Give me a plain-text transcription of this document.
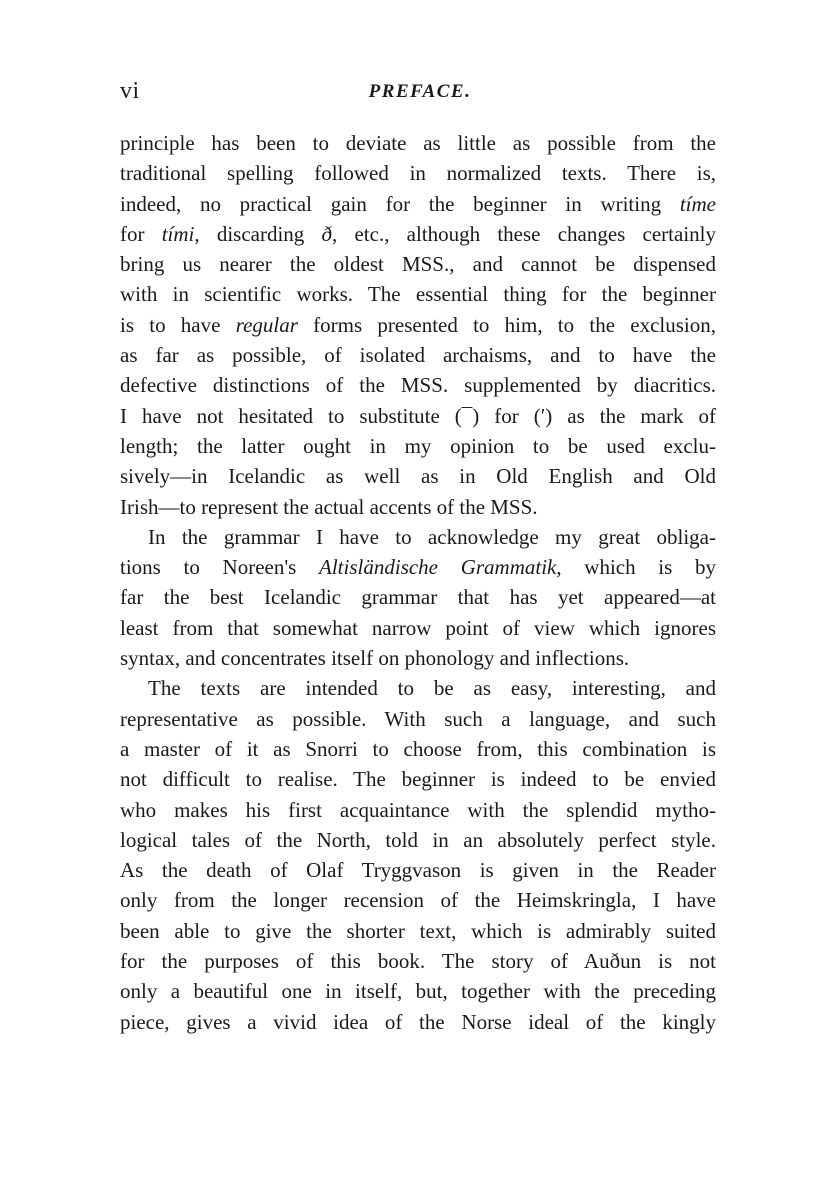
vi	PREFACE.
principle has been to deviate as little as possible from the
traditional spelling followed in normalized texts. There is,
indeed, no practical gain for the beginner in writing tíme
for tími, discarding ð, etc., although these changes certainly
bring us nearer the oldest MSS., and cannot be dispensed
with in scientific works. The essential thing for the beginner
is to have regular forms presented to him, to the exclusion,
as far as possible, of isolated archaisms, and to have the
defective distinctions of the MSS. supplemented by diacritics.
I have not hesitated to substitute (¯) for (′) as the mark of
length; the latter ought in my opinion to be used exclu-
sively—in Icelandic as well as in Old English and Old
Irish—to represent the actual accents of the MSS.
In the grammar I have to acknowledge my great obliga-
tions to Noreen's Altisländische Grammatik, which is by
far the best Icelandic grammar that has yet appeared—at
least from that somewhat narrow point of view which ignores
syntax, and concentrates itself on phonology and inflections.
The texts are intended to be as easy, interesting, and
representative as possible. With such a language, and such
a master of it as Snorri to choose from, this combination is
not difficult to realise. The beginner is indeed to be envied
who makes his first acquaintance with the splendid mytho-
logical tales of the North, told in an absolutely perfect style.
As the death of Olaf Tryggvason is given in the Reader
only from the longer recension of the Heimskringla, I have
been able to give the shorter text, which is admirably suited
for the purposes of this book. The story of Auðun is not
only a beautiful one in itself, but, together with the preceding
piece, gives a vivid idea of the Norse ideal of the kingly
